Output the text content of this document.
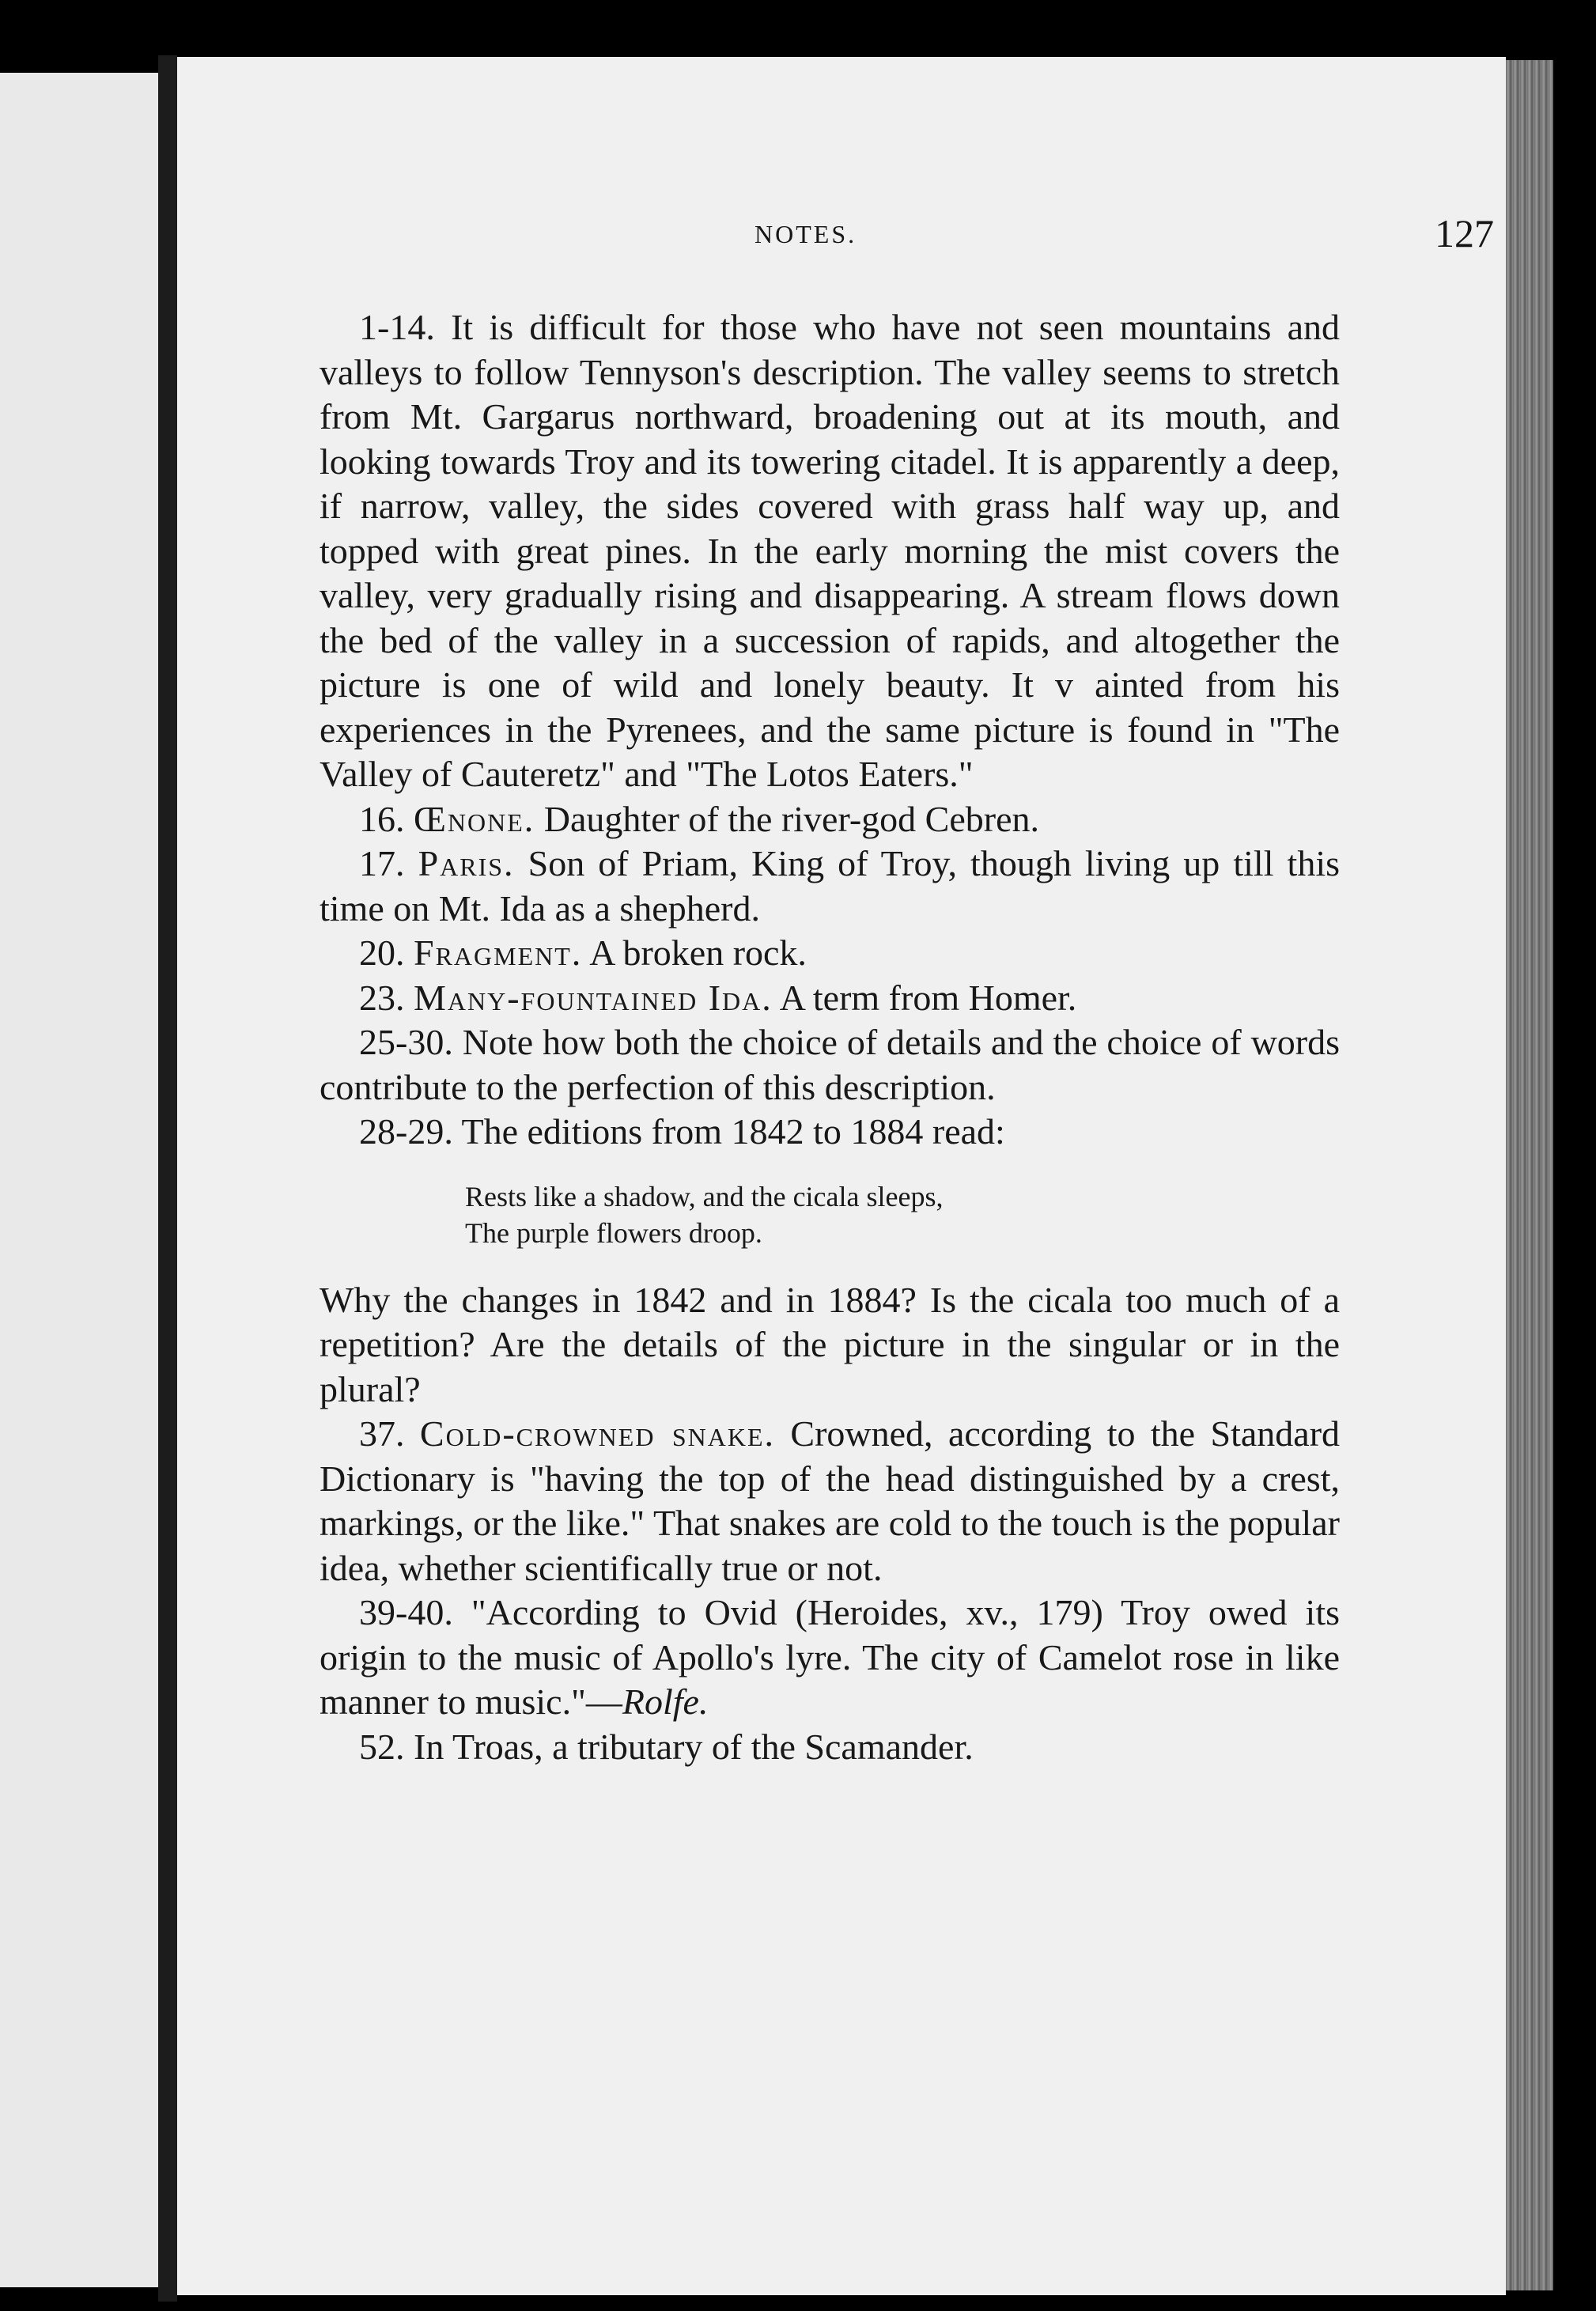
NOTES.	127

1-14. It is difficult for those who have not seen mountains and valleys to follow Tennyson's description. The valley seems to stretch from Mt. Gargarus northward, broadening out at its mouth, and looking towards Troy and its towering citadel. It is apparently a deep, if narrow, valley, the sides covered with grass half way up, and topped with great pines. In the early morning the mist covers the valley, very gradually rising and disappearing. A stream flows down the bed of the valley in a succession of rapids, and altogether the picture is one of wild and lonely beauty. It v ainted from his experiences in the Pyrenees, and the same picture is found in "The Valley of Cauteretz" and "The Lotos Eaters."

16. Œnone. Daughter of the river-god Cebren.

17. Paris. Son of Priam, King of Troy, though living up till this time on Mt. Ida as a shepherd.

20. Fragment. A broken rock.

23. Many-fountained Ida. A term from Homer.

25-30. Note how both the choice of details and the choice of words contribute to the perfection of this description.

28-29. The editions from 1842 to 1884 read:

Rests like a shadow, and the cicala sleeps,
The purple flowers droop.

Why the changes in 1842 and in 1884? Is the cicala too much of a repetition? Are the details of the picture in the singular or in the plural?

37. Cold-crowned snake. Crowned, according to the Standard Dictionary is "having the top of the head distinguished by a crest, markings, or the like." That snakes are cold to the touch is the popular idea, whether scientifically true or not.

39-40. "According to Ovid (Heroides, xv., 179) Troy owed its origin to the music of Apollo's lyre. The city of Camelot rose in like manner to music."—Rolfe.

52. In Troas, a tributary of the Scamander.
